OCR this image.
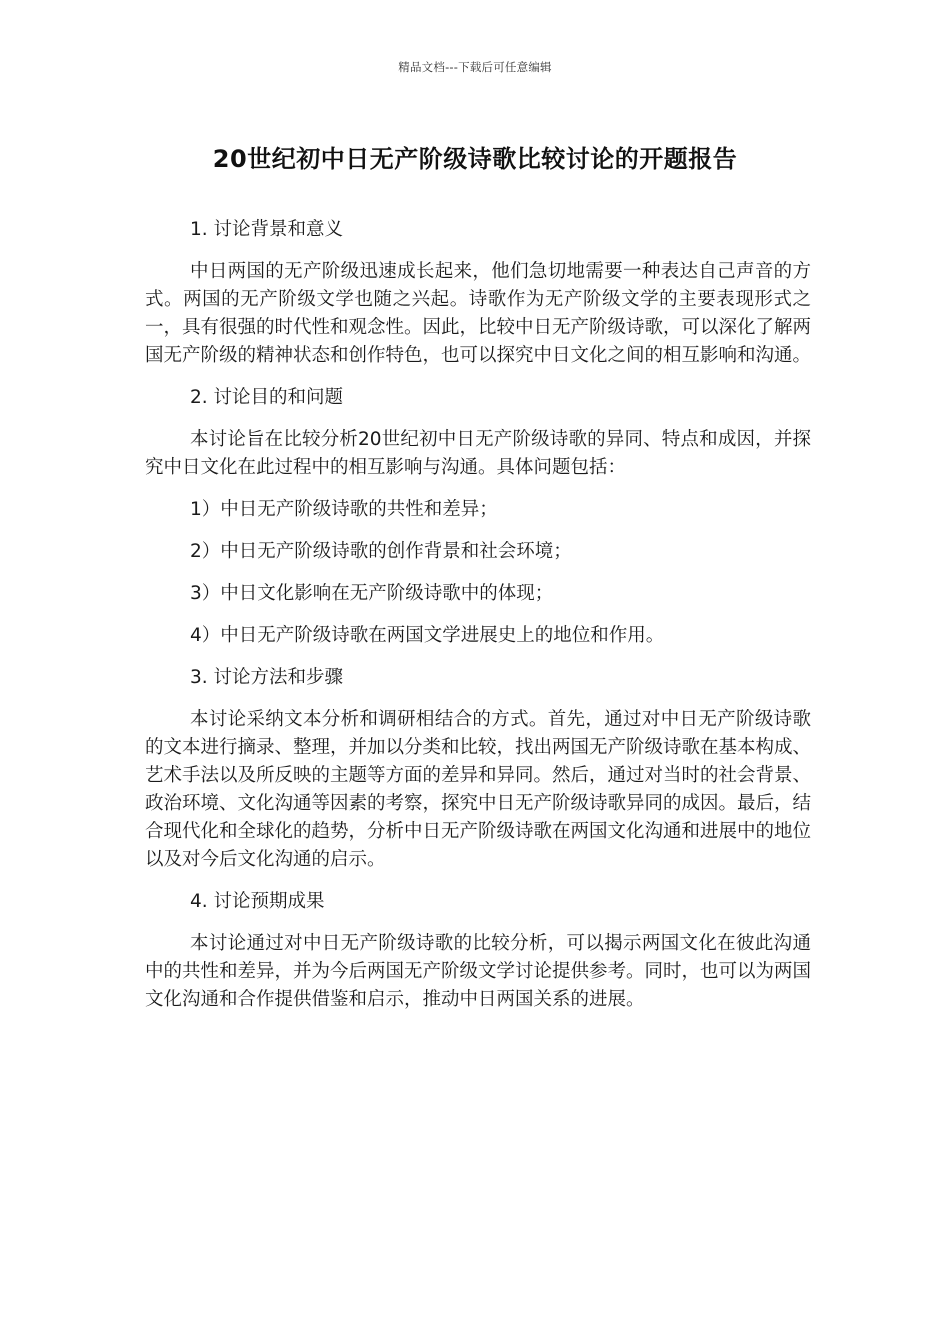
精品文档---下载后可任意编辑
20世纪初中日无产阶级诗歌比较讨论的开题报告
1. 讨论背景和意义
中日两国的无产阶级迅速成长起来，他们急切地需要一种表达自己声音的方式。两国的无产阶级文学也随之兴起。诗歌作为无产阶级文学的主要表现形式之一，具有很强的时代性和观念性。因此，比较中日无产阶级诗歌，可以深化了解两国无产阶级的精神状态和创作特色，也可以探究中日文化之间的相互影响和沟通。
2. 讨论目的和问题
本讨论旨在比较分析20世纪初中日无产阶级诗歌的异同、特点和成因，并探究中日文化在此过程中的相互影响与沟通。具体问题包括：
1）中日无产阶级诗歌的共性和差异；
2）中日无产阶级诗歌的创作背景和社会环境；
3）中日文化影响在无产阶级诗歌中的体现；
4）中日无产阶级诗歌在两国文学进展史上的地位和作用。
3. 讨论方法和步骤
本讨论采纳文本分析和调研相结合的方式。首先，通过对中日无产阶级诗歌的文本进行摘录、整理，并加以分类和比较，找出两国无产阶级诗歌在基本构成、艺术手法以及所反映的主题等方面的差异和异同。然后，通过对当时的社会背景、政治环境、文化沟通等因素的考察，探究中日无产阶级诗歌异同的成因。最后，结合现代化和全球化的趋势，分析中日无产阶级诗歌在两国文化沟通和进展中的地位以及对今后文化沟通的启示。
4. 讨论预期成果
本讨论通过对中日无产阶级诗歌的比较分析，可以揭示两国文化在彼此沟通中的共性和差异，并为今后两国无产阶级文学讨论提供参考。同时，也可以为两国文化沟通和合作提供借鉴和启示，推动中日两国关系的进展。
